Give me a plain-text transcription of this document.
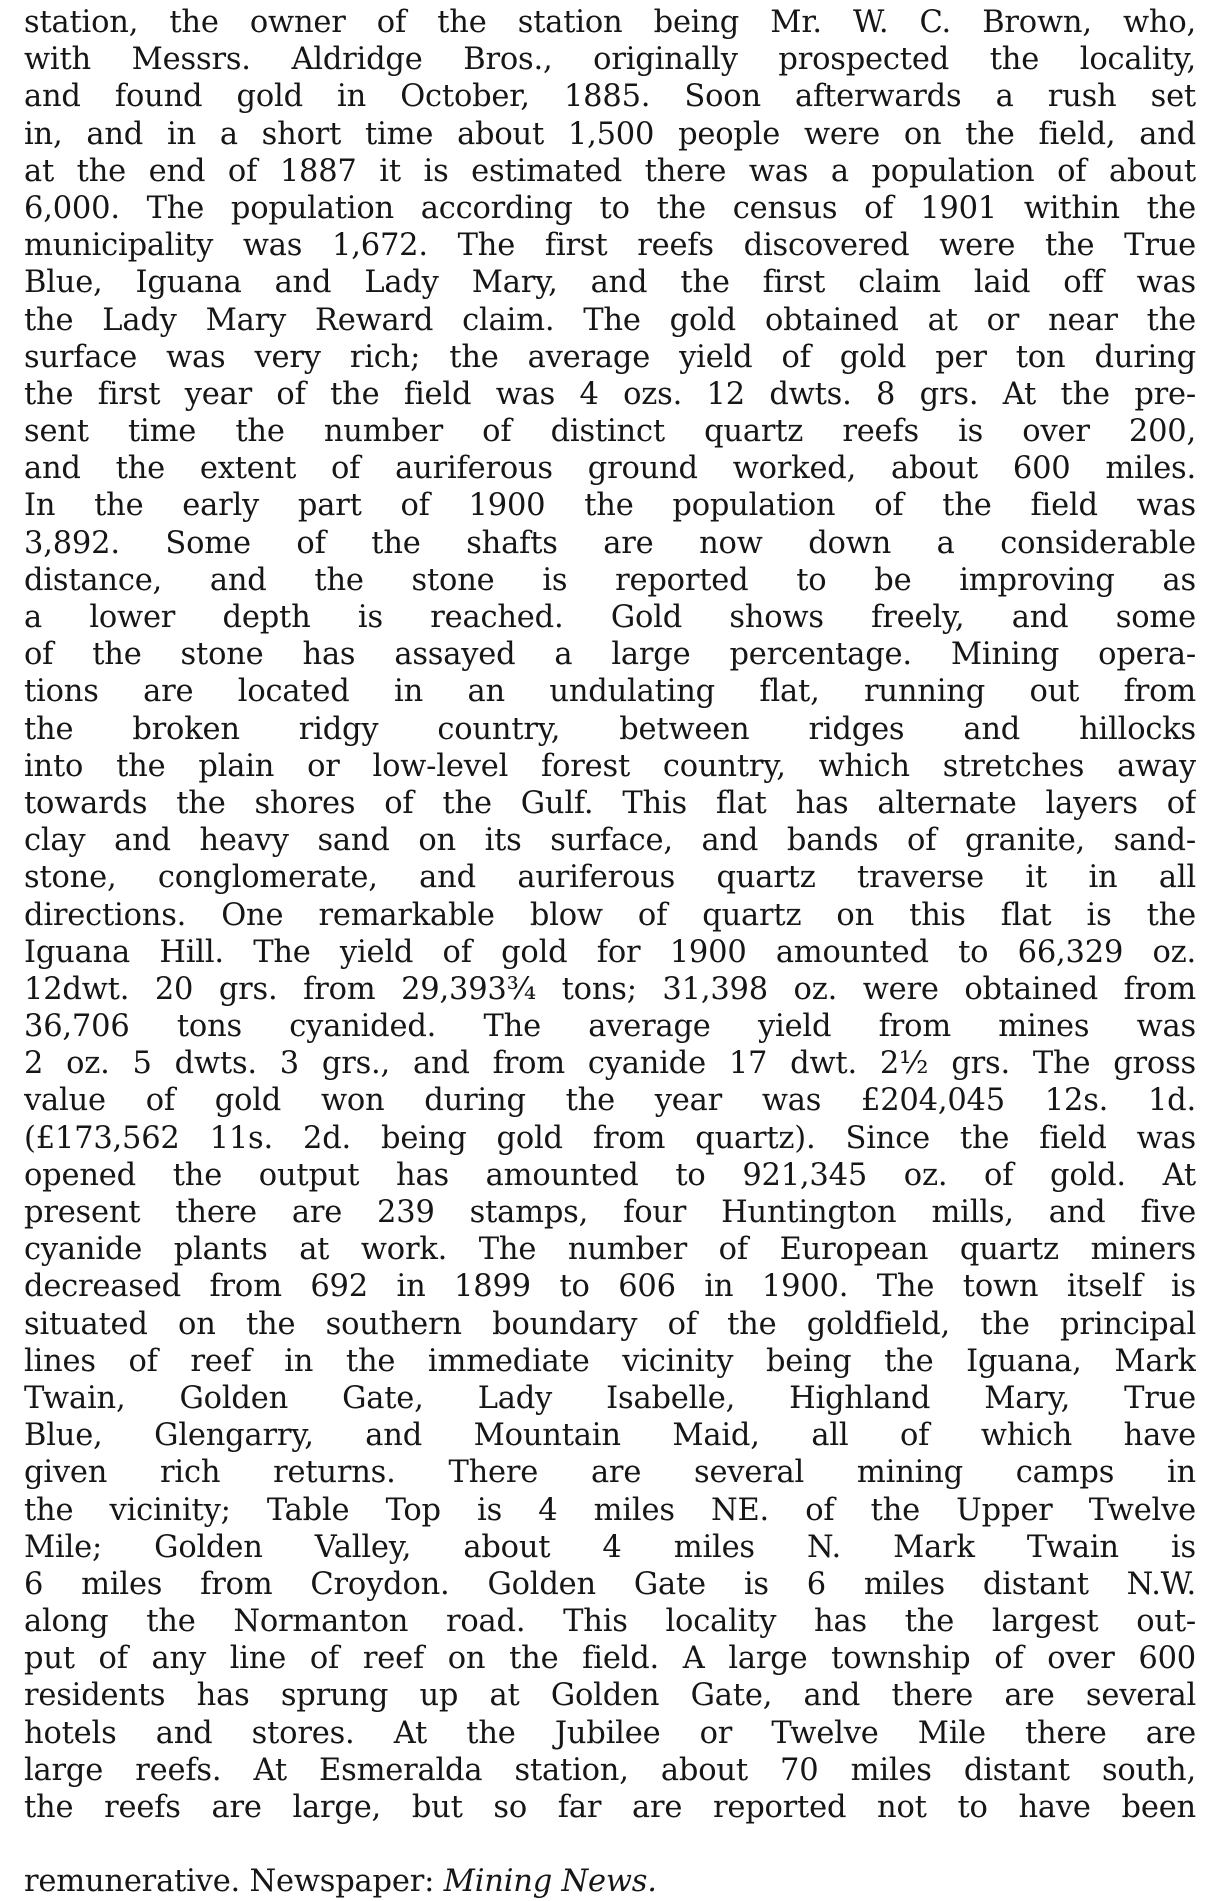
station, the owner of the station being Mr. W. C. Brown, who,
with Messrs. Aldridge Bros., originally prospected the locality,
and found gold in October, 1885. Soon afterwards a rush set
in, and in a short time about 1,500 people were on the field, and
at the end of 1887 it is estimated there was a population of about
6,000. The population according to the census of 1901 within the
municipality was 1,672. The first reefs discovered were the True
Blue, Iguana and Lady Mary, and the first claim laid off was
the Lady Mary Reward claim. The gold obtained at or near the
surface was very rich; the average yield of gold per ton during
the first year of the field was 4 ozs. 12 dwts. 8 grs. At the pre-
sent time the number of distinct quartz reefs is over 200,
and the extent of auriferous ground worked, about 600 miles.
In the early part of 1900 the population of the field was
3,892. Some of the shafts are now down a considerable
distance, and the stone is reported to be improving as
a lower depth is reached. Gold shows freely, and some
of the stone has assayed a large percentage. Mining opera-
tions are located in an undulating flat, running out from
the broken ridgy country, between ridges and hillocks
into the plain or low-level forest country, which stretches away
towards the shores of the Gulf. This flat has alternate layers of
clay and heavy sand on its surface, and bands of granite, sand-
stone, conglomerate, and auriferous quartz traverse it in all
directions. One remarkable blow of quartz on this flat is the
Iguana Hill. The yield of gold for 1900 amounted to 66,329 oz.
12dwt. 20 grs. from 29,393¾ tons; 31,398 oz. were obtained from
36,706 tons cyanided. The average yield from mines was
2 oz. 5 dwts. 3 grs., and from cyanide 17 dwt. 2½ grs. The gross
value of gold won during the year was £204,045 12s. 1d.
(£173,562 11s. 2d. being gold from quartz). Since the field was
opened the output has amounted to 921,345 oz. of gold. At
present there are 239 stamps, four Huntington mills, and five
cyanide plants at work. The number of European quartz miners
decreased from 692 in 1899 to 606 in 1900. The town itself is
situated on the southern boundary of the goldfield, the principal
lines of reef in the immediate vicinity being the Iguana, Mark
Twain, Golden Gate, Lady Isabelle, Highland Mary, True
Blue, Glengarry, and Mountain Maid, all of which have
given rich returns. There are several mining camps in
the vicinity; Table Top is 4 miles NE. of the Upper Twelve
Mile; Golden Valley, about 4 miles N. Mark Twain is
6 miles from Croydon. Golden Gate is 6 miles distant N.W.
along the Normanton road. This locality has the largest out-
put of any line of reef on the field. A large township of over 600
residents has sprung up at Golden Gate, and there are several
hotels and stores. At the Jubilee or Twelve Mile there are
large reefs. At Esmeralda station, about 70 miles distant south,
the reefs are large, but so far are reported not to have been
remunerative. Newspaper: Mining News.
